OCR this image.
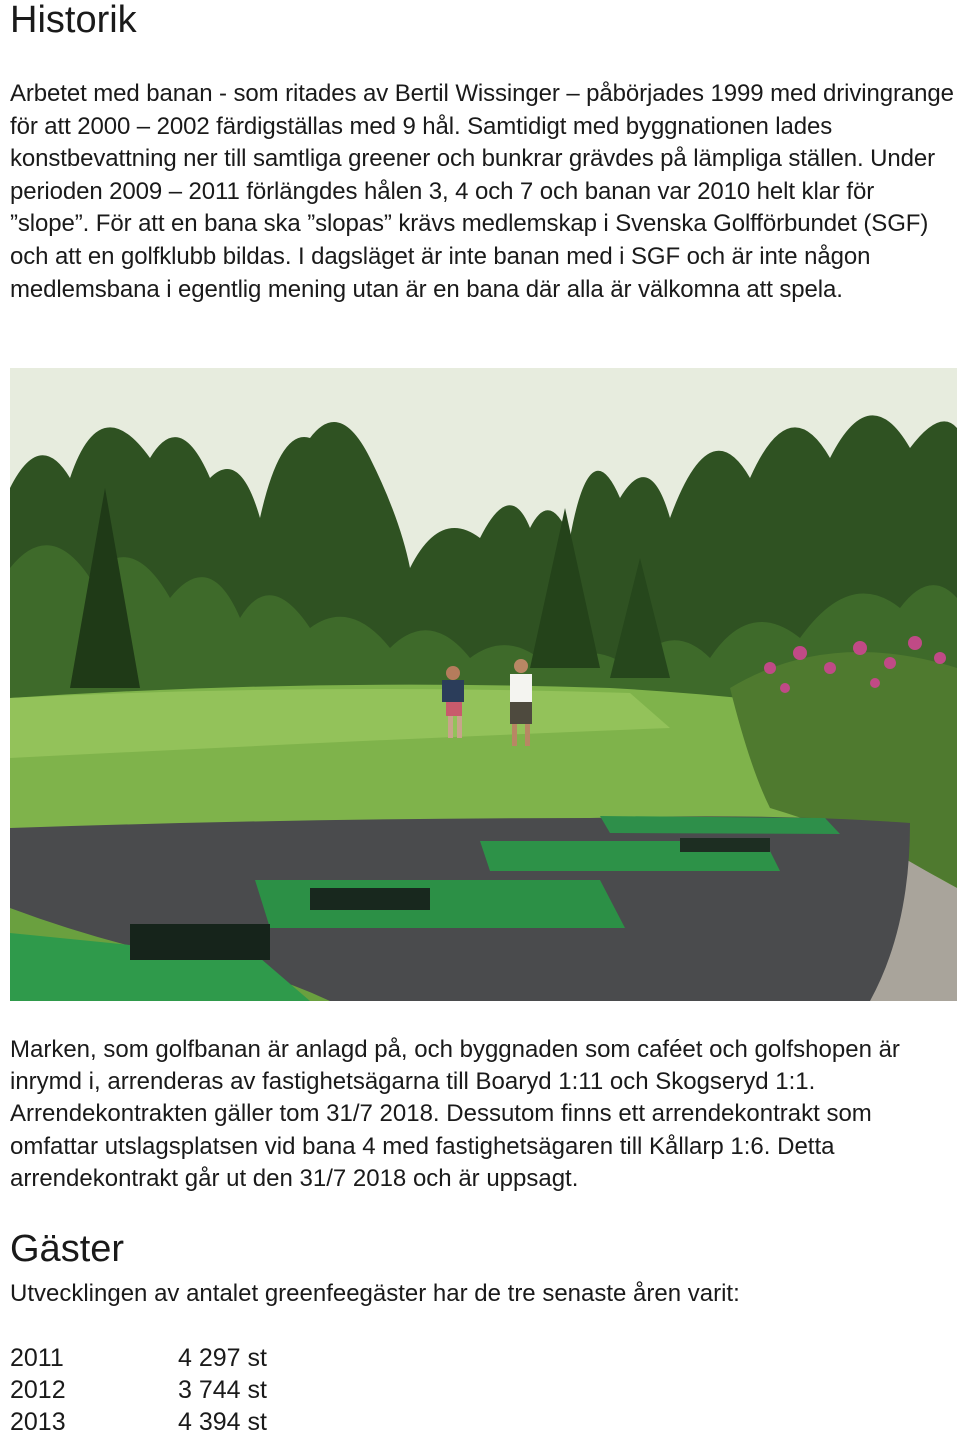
Historik

Arbetet med banan - som ritades av Bertil Wissinger – påbörjades 1999 med drivingrange för att 2000 – 2002 färdigställas med 9 hål. Samtidigt med byggnationen lades konstbevattning ner till samtliga greener och bunkrar grävdes på lämpliga ställen. Under perioden 2009 – 2011 förlängdes hålen 3, 4 och 7 och banan var 2010 helt klar för ”slope”. För att en bana ska ”slopas” krävs medlemskap i Svenska Golfförbundet (SGF) och att en golfklubb bildas. I dagsläget är inte banan med i SGF och är inte någon medlemsbana i egentlig mening utan är en bana där alla är välkomna att spela.

Marken, som golfbanan är anlagd på, och byggnaden som caféet och golfshopen är inrymd i, arrenderas av fastighetsägarna till Boaryd 1:11 och Skogseryd 1:1. Arrendekontrakten gäller tom 31/7 2018. Dessutom finns ett arrendekontrakt som omfattar utslagsplatsen vid bana 4 med fastighetsägaren till Kållarp 1:6. Detta arrendekontrakt går ut den 31/7 2018 och är uppsagt.

Gäster

Utvecklingen av antalet greenfeegäster har de tre senaste åren varit:

2011	4 297 st
2012	3 744 st
2013	4 394 st
